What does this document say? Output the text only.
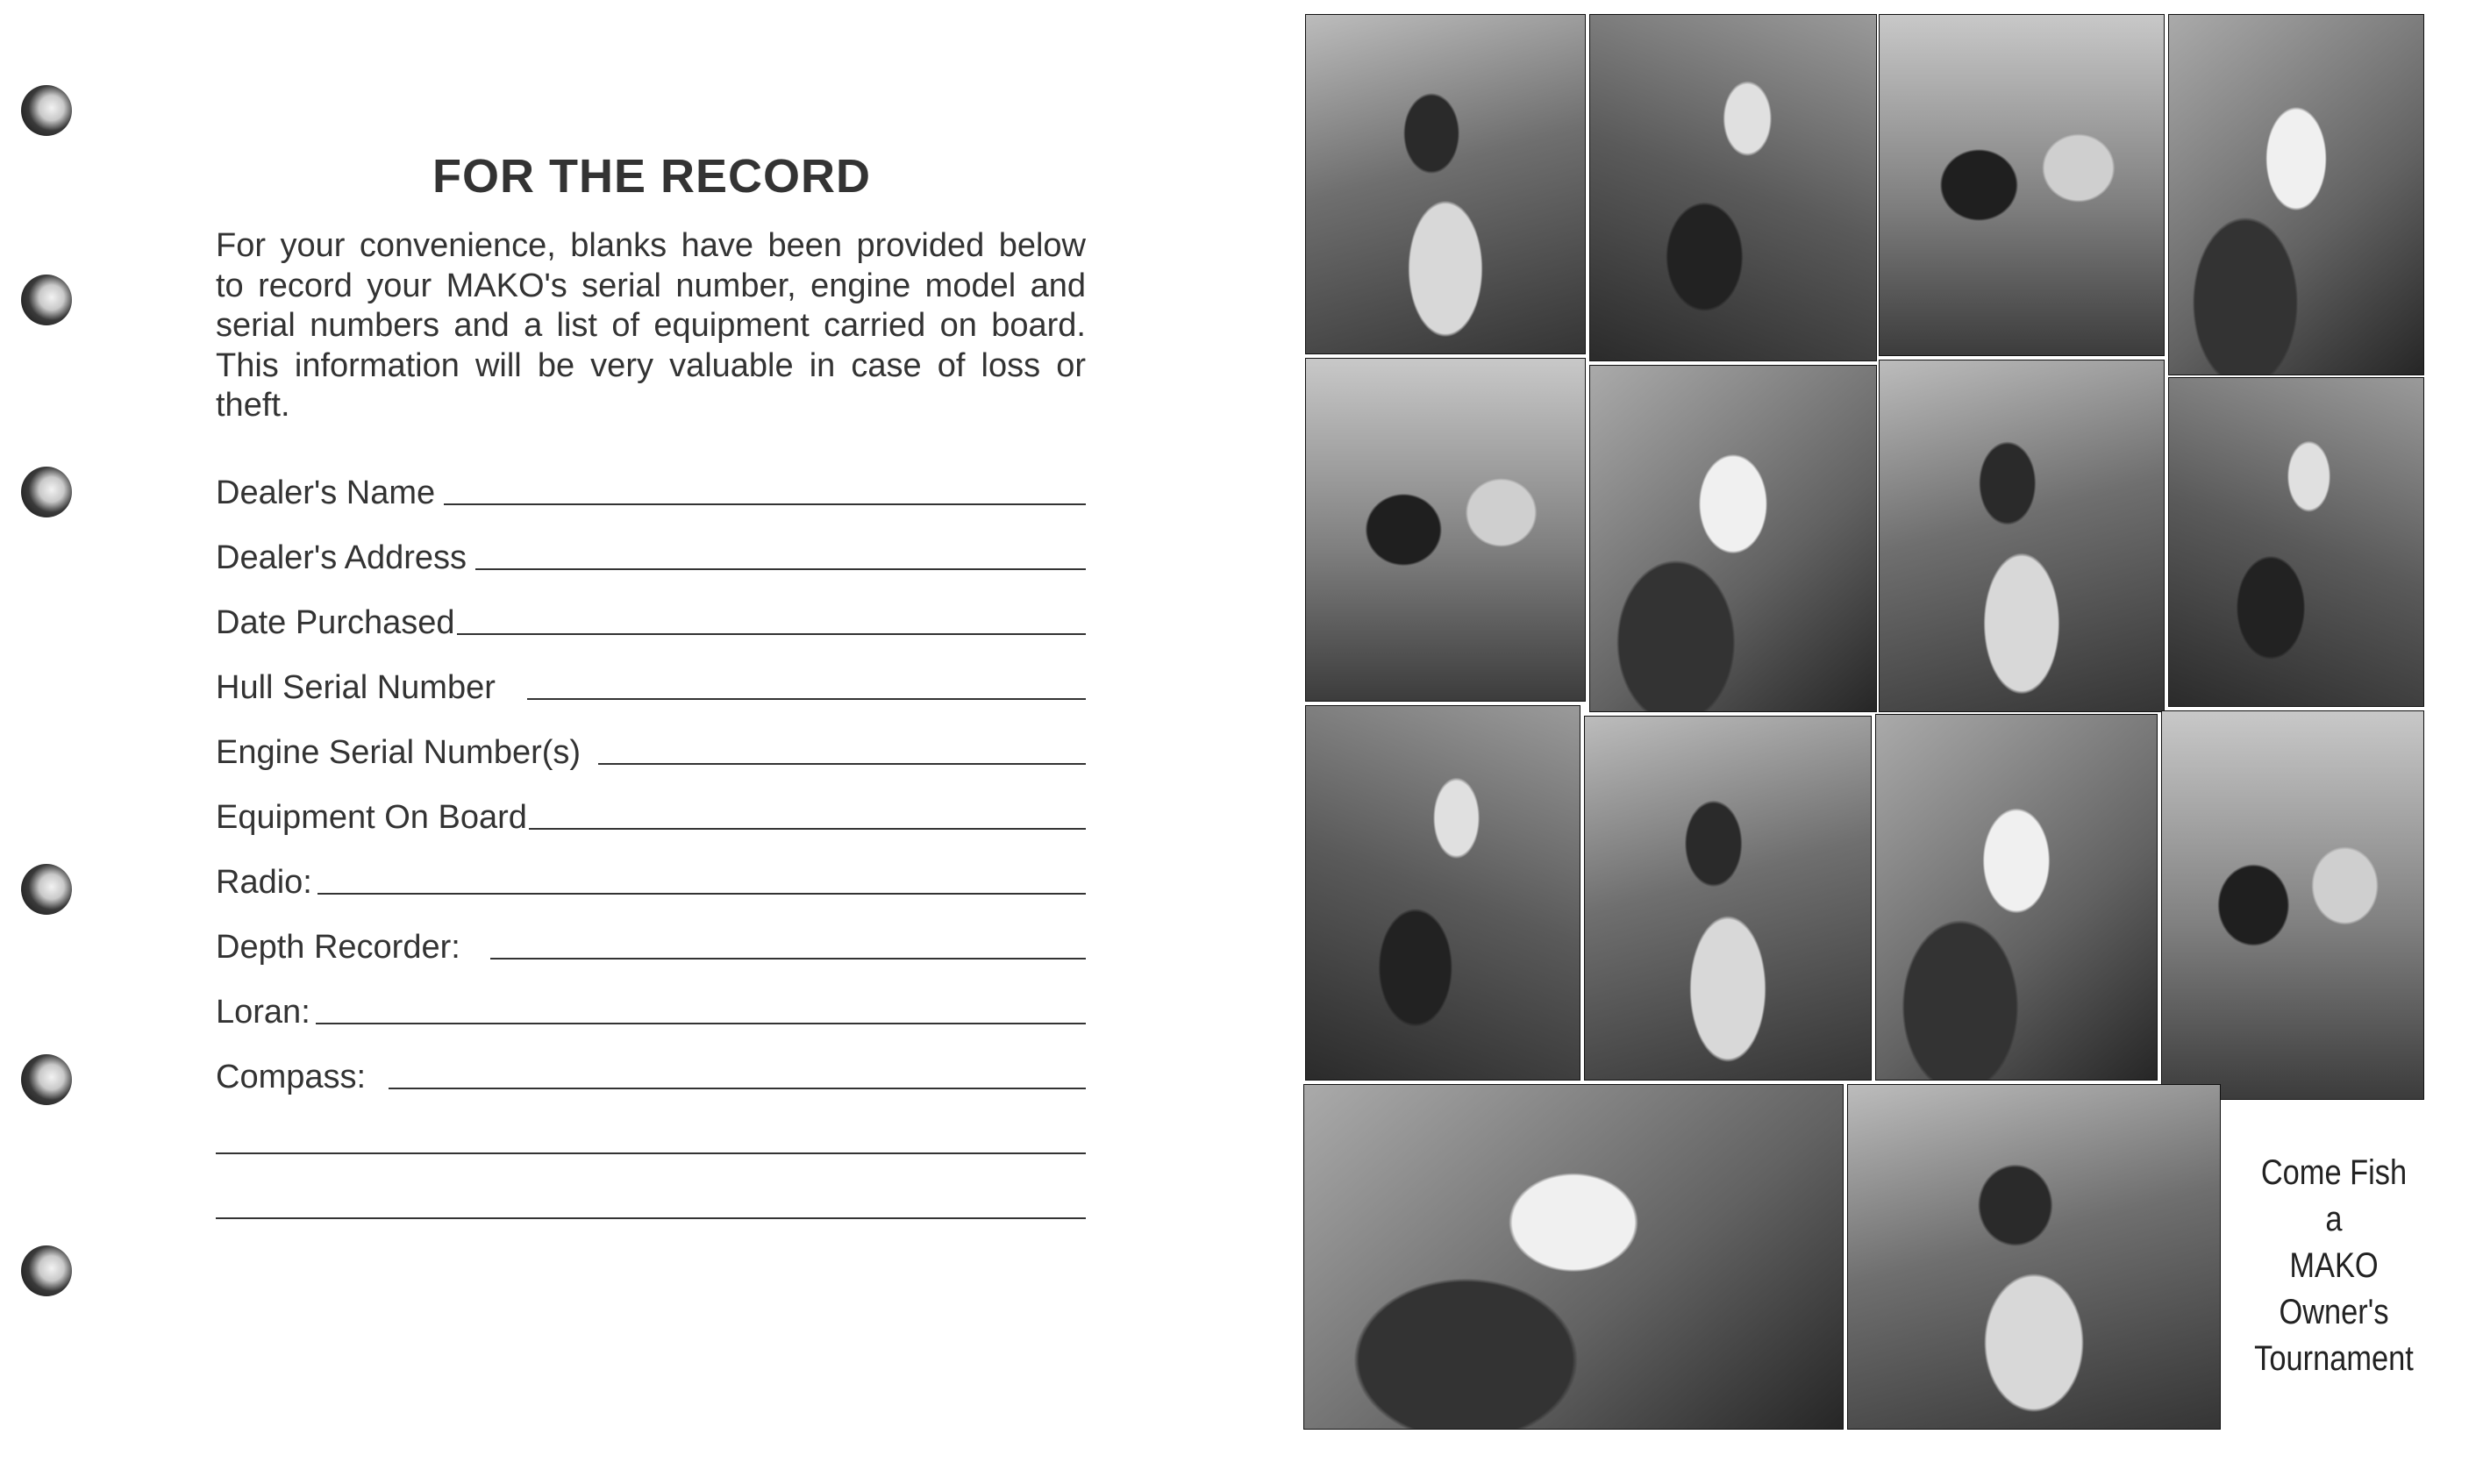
FOR THE RECORD

For your convenience, blanks have been provided below to record your MAKO's serial number, engine model and serial numbers and a list of equipment carried on board. This information will be very valuable in case of loss or theft.

Dealer's Name
Dealer's Address
Date Purchased
Hull Serial Number
Engine Serial Number(s)
Equipment On Board
Radio:
Depth Recorder:
Loran:
Compass:
Come Fish
a
MAKO
Owner's
Tournament
